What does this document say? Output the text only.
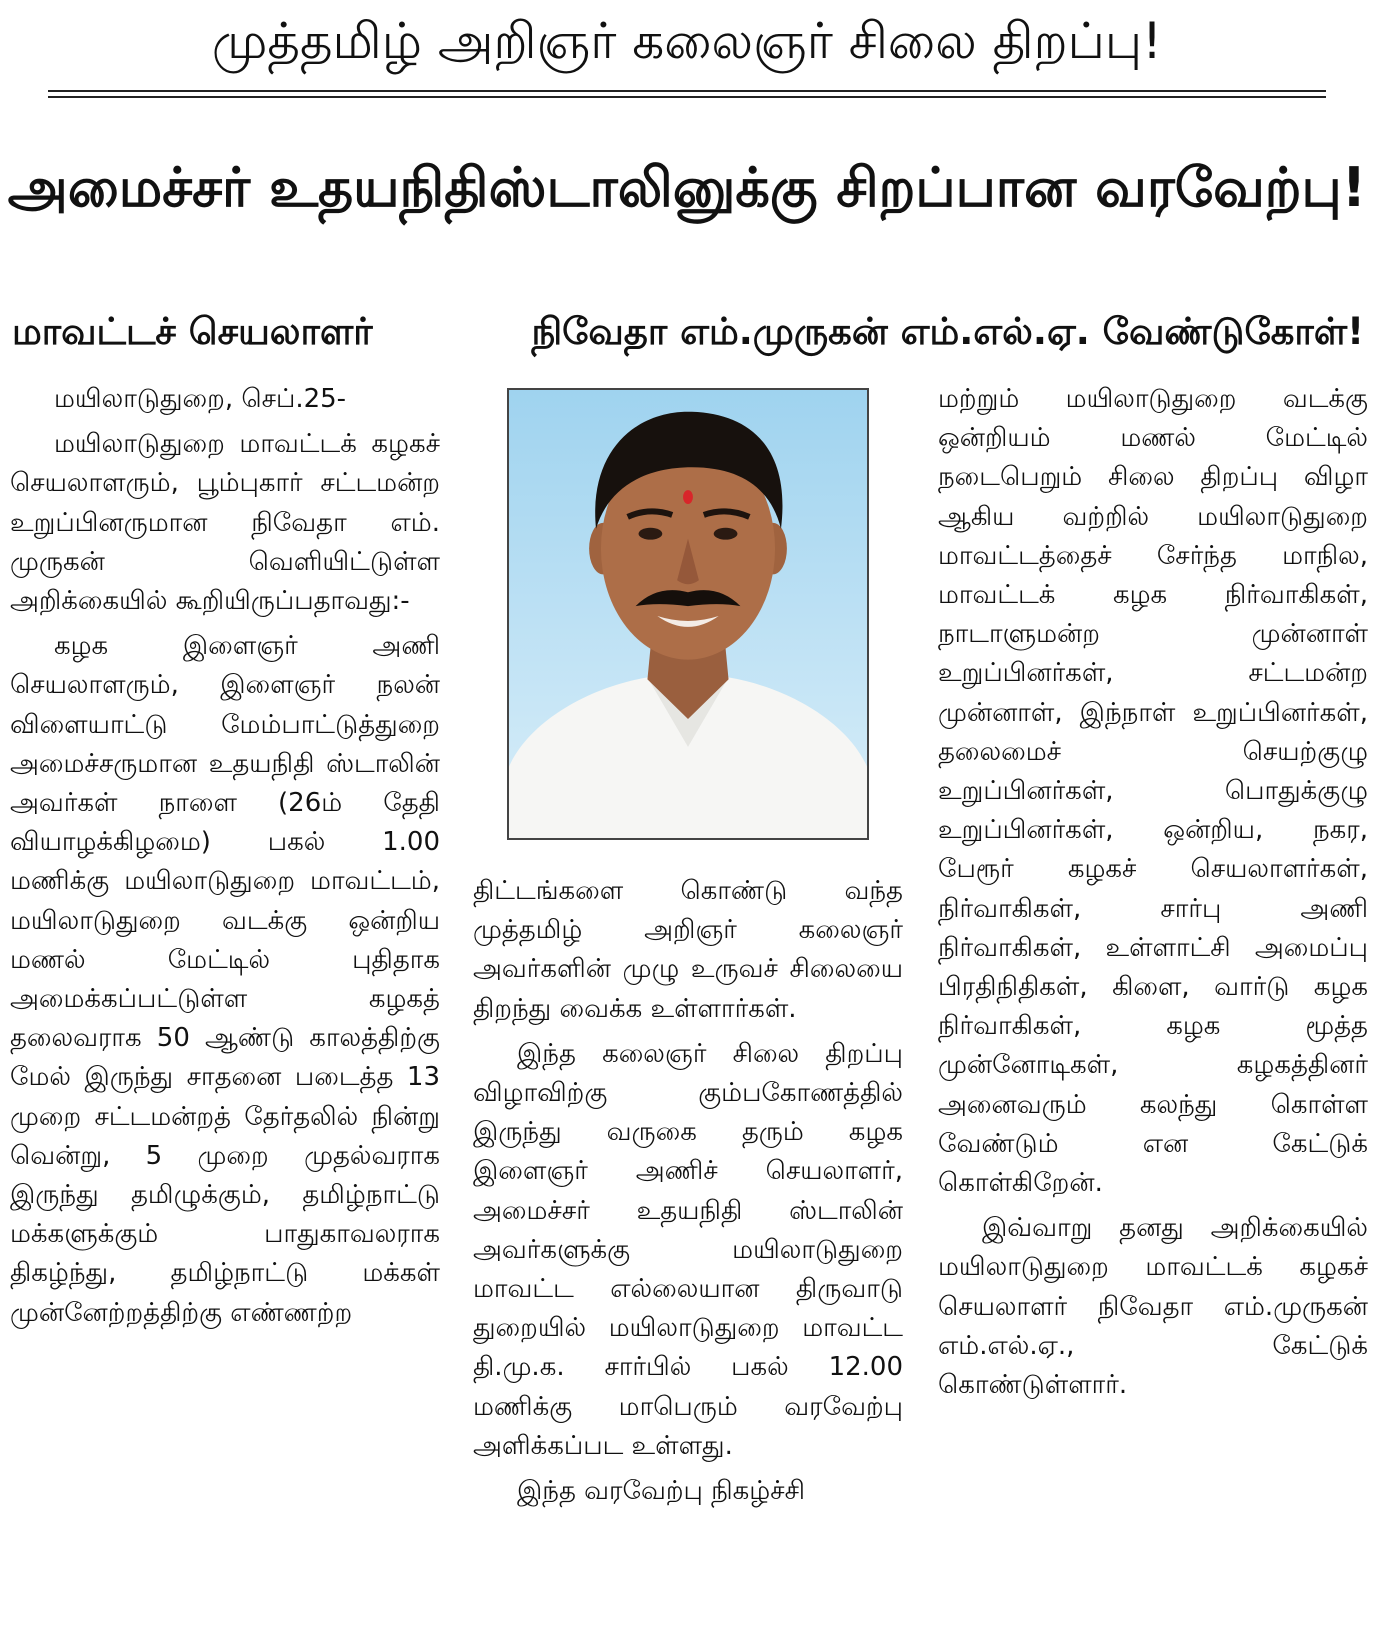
முத்தமிழ் அறிஞர் கலைஞர் சிலை திறப்பு!
அமைச்சர் உதயநிதிஸ்டாலினுக்கு சிறப்பான வரவேற்பு!
மாவட்டச் செயலாளர்	நிவேதா எம்.முருகன் எம்.எல்.ஏ. வேண்டுகோள்!

மயிலாடுதுறை, செப்.25-

மயிலாடுதுறை மாவட்டக் கழகச் செயலாளரும், பூம்புகார் சட்டமன்ற உறுப்பினருமான நிவேதா எம். முருகன் வெளியிட்டுள்ள அறிக்கையில் கூறியிருப்பதாவது:-

கழக இளைஞர் அணி செயலாளரும், இளைஞர் நலன் விளையாட்டு மேம்பாட்டுத்துறை அமைச்சருமான உதயநிதி ஸ்டாலின் அவர்கள் நாளை (26ம் தேதி வியாழக்கிழமை) பகல் 1.00 மணிக்கு மயிலாடுதுறை மாவட்டம், மயிலாடுதுறை வடக்கு ஒன்றிய மணல் மேட்டில் புதிதாக அமைக்கப்பட்டுள்ள கழகத் தலைவராக 50 ஆண்டு காலத்திற்கு மேல் இருந்து சாதனை படைத்த 13 முறை சட்டமன்றத் தேர்தலில் நின்று வென்று, 5 முறை முதல்வராக இருந்து தமிழுக்கும், தமிழ்நாட்டு மக்களுக்கும் பாதுகாவலராக திகழ்ந்து, தமிழ்நாட்டு மக்கள் முன்னேற்றத்திற்கு எண்ணற்ற

திட்டங்களை கொண்டு வந்த முத்தமிழ் அறிஞர் கலைஞர் அவர்களின் முழு உருவச் சிலையை திறந்து வைக்க உள்ளார்கள்.

இந்த கலைஞர் சிலை திறப்பு விழாவிற்கு கும்பகோணத்தில் இருந்து வருகை தரும் கழக இளைஞர் அணிச் செயலாளர், அமைச்சர் உதயநிதி ஸ்டாலின் அவர்களுக்கு மயிலாடுதுறை மாவட்ட எல்லையான திருவாடு துறையில் மயிலாடுதுறை மாவட்ட தி.மு.க. சார்பில் பகல் 12.00 மணிக்கு மாபெரும் வரவேற்பு அளிக்கப்பட உள்ளது.

இந்த வரவேற்பு நிகழ்ச்சி

மற்றும் மயிலாடுதுறை வடக்கு ஒன்றியம் மணல் மேட்டில் நடைபெறும் சிலை திறப்பு விழா ஆகிய வற்றில் மயிலாடுதுறை மாவட்டத்தைச் சேர்ந்த மாநில, மாவட்டக் கழக நிர்வாகிகள், நாடாளுமன்ற முன்னாள் உறுப்பினர்கள், சட்டமன்ற முன்னாள், இந்நாள் உறுப்பினர்கள், தலைமைச் செயற்குழு உறுப்பினர்கள், பொதுக்குழு உறுப்பினர்கள், ஒன்றிய, நகர, பேரூர் கழகச் செயலாளர்கள், நிர்வாகிகள், சார்பு அணி நிர்வாகிகள், உள்ளாட்சி அமைப்பு பிரதிநிதிகள், கிளை, வார்டு கழக நிர்வாகிகள், கழக மூத்த முன்னோடிகள், கழகத்தினர் அனைவரும் கலந்து கொள்ள வேண்டும் என கேட்டுக் கொள்கிறேன்.

இவ்வாறு தனது அறிக்கையில் மயிலாடுதுறை மாவட்டக் கழகச் செயலாளர் நிவேதா எம்.முருகன் எம்.எல்.ஏ., கேட்டுக் கொண்டுள்ளார்.
